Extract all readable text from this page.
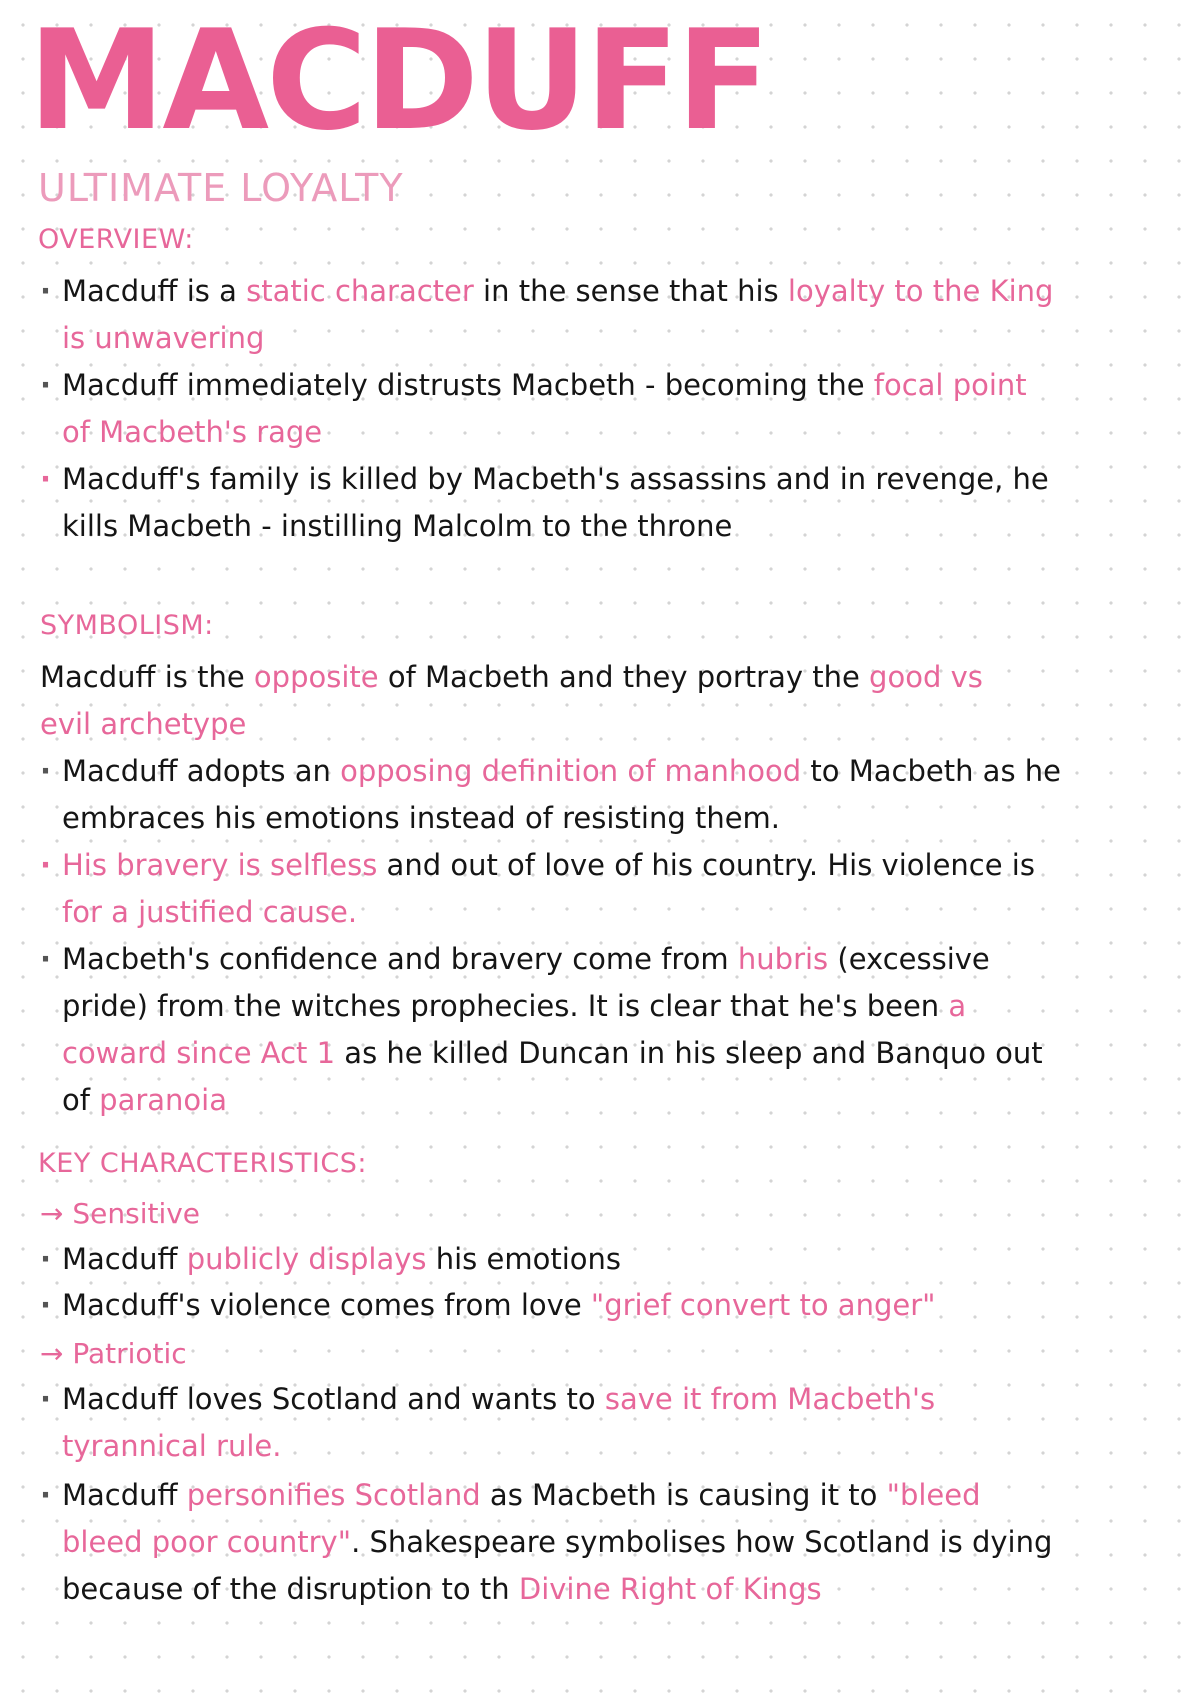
MACDUFF

ULTIMATE LOYALTY

OVERVIEW:

· Macduff is a static character in the sense that his loyalty to the King is unwavering

· Macduff immediately distrusts Macbeth - becoming the focal point of Macbeth's rage

· Macduff's family is killed by Macbeth's assassins and in revenge, he kills Macbeth - instilling Malcolm to the throne

SYMBOLISM:

Macduff is the opposite of Macbeth and they portray the good vs evil archetype

· Macduff adopts an opposing definition of manhood to Macbeth as he embraces his emotions instead of resisting them.

· His bravery is selfless and out of love of his country. His violence is for a justified cause.

· Macbeth's confidence and bravery come from hubris (excessive pride) from the witches prophecies. It is clear that he's been a coward since Act 1 as he killed Duncan in his sleep and Banquo out of paranoia

KEY CHARACTERISTICS:

→ Sensitive

· Macduff publicly displays his emotions

· Macduff's violence comes from love "grief convert to anger"

→ Patriotic

· Macduff loves Scotland and wants to save it from Macbeth's tyrannical rule.

· Macduff personifies Scotland as Macbeth is causing it to "bleed bleed poor country". Shakespeare symbolises how Scotland is dying because of the disruption to th Divine Right of Kings
